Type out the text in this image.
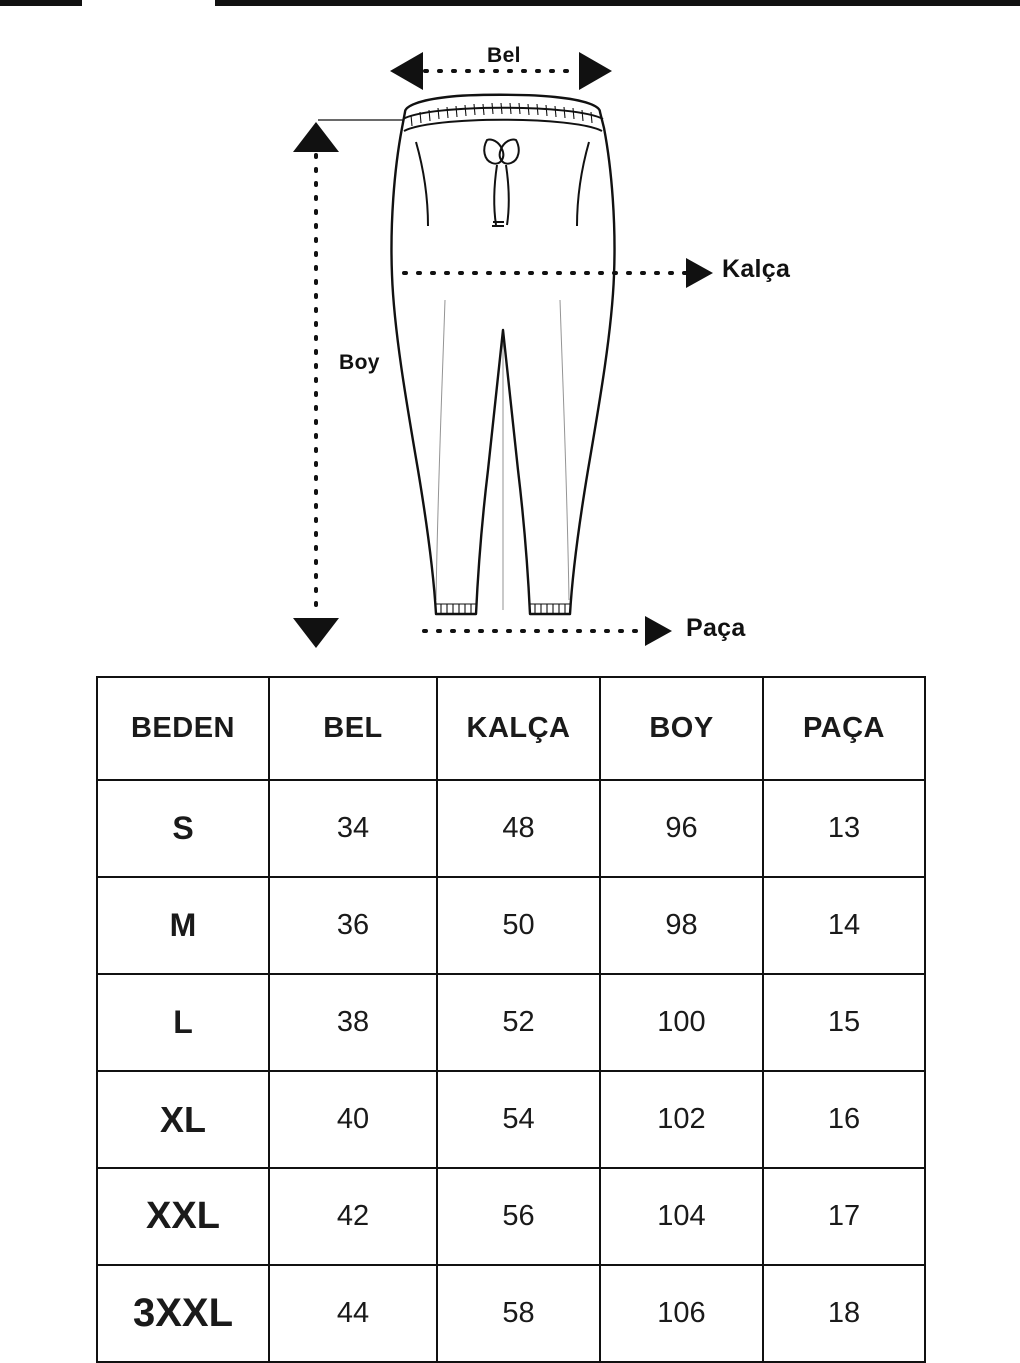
Bel
Boy
Kalça
Paça
BEDEN	BEL	KALÇA	BOY	PAÇA
S	34	48	96	13
M	36	50	98	14
L	38	52	100	15
XL	40	54	102	16
XXL	42	56	104	17
3XXL	44	58	106	18
